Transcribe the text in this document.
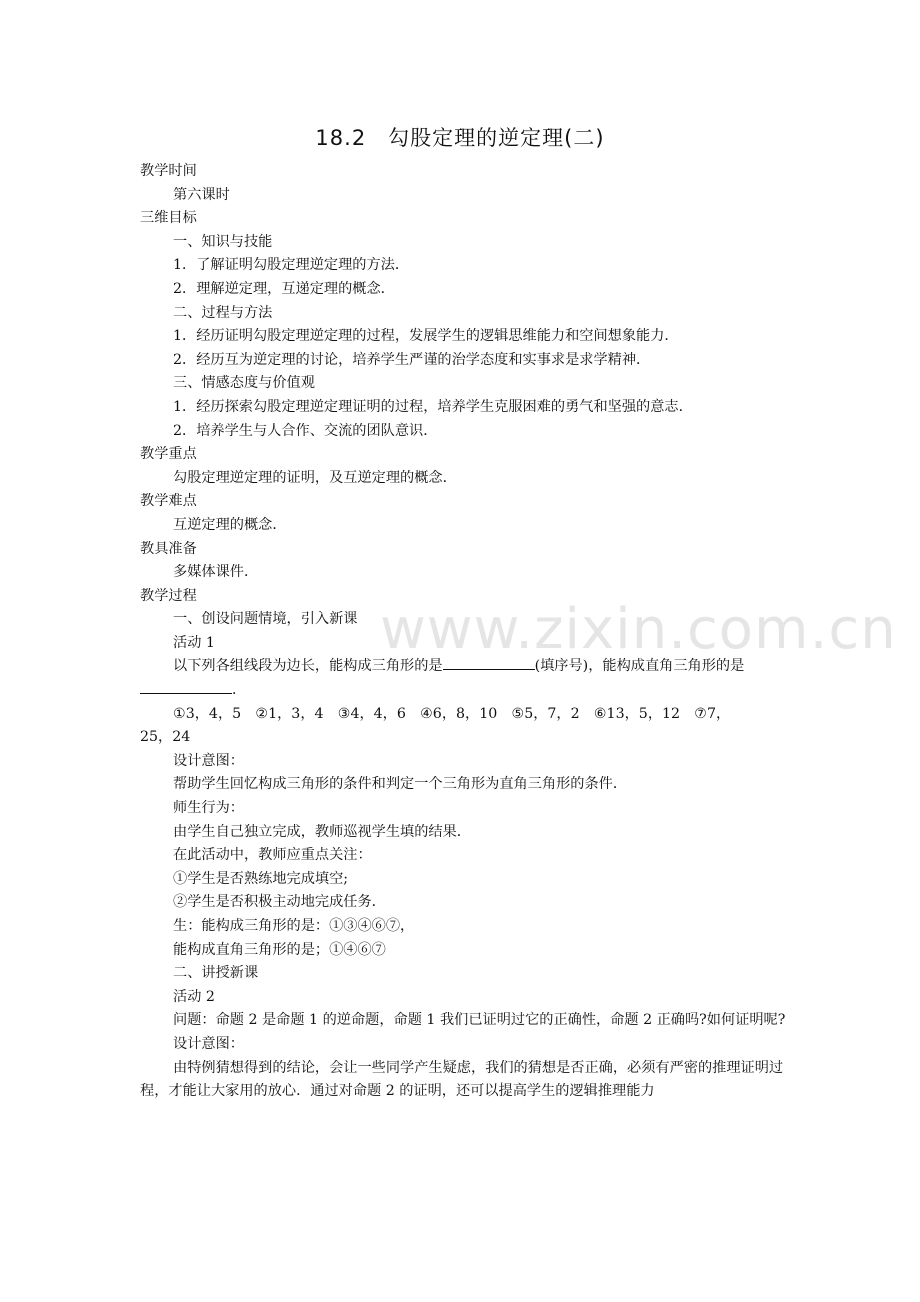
18.2　勾股定理的逆定理(二)

教学时间

第六课时

三维目标

一、知识与技能

1．了解证明勾股定理逆定理的方法．

2．理解逆定理，互递定理的概念．

二、过程与方法

1．经历证明勾股定理逆定理的过程，发展学生的逻辑思维能力和空间想象能力．

2．经历互为逆定理的讨论，培养学生严谨的治学态度和实事求是求学精神．

三、情感态度与价值观

1．经历探索勾股定理逆定理证明的过程，培养学生克服困难的勇气和坚强的意志．

2．培养学生与人合作、交流的团队意识．

教学重点

勾股定理逆定理的证明，及互逆定理的概念．

教学难点

互逆定理的概念．

教具准备

多媒体课件．

教学过程

一、创设问题情境，引入新课

活动 1

以下列各组线段为边长，能构成三角形的是	(填序号)，能构成直角三角形的是．

①3，4，5　②1，3，4　③4，4，6　④6，8，10　⑤5，7，2　⑥13，5，12　⑦7，

25，24

设计意图：

帮助学生回忆构成三角形的条件和判定一个三角形为直角三角形的条件．

师生行为：

由学生自己独立完成，教师巡视学生填的结果．

在此活动中，教师应重点关注：

①学生是否熟练地完成填空;

②学生是否积极主动地完成任务．

生：能构成三角形的是：①③④⑥⑦，

能构成直角三角形的是；①④⑥⑦

二、讲授新课

活动 2

问题：命题 2 是命题 1 的逆命题，命题 1 我们已证明过它的正确性，命题 2 正确吗?如何证明呢?

设计意图：

由特例猜想得到的结论，会让一些同学产生疑虑，我们的猜想是否正确，必须有严密的推理证明过程，才能让大家用的放心．通过对命题 2 的证明，还可以提高学生的逻辑推理能力

www.zixin.com.cn
